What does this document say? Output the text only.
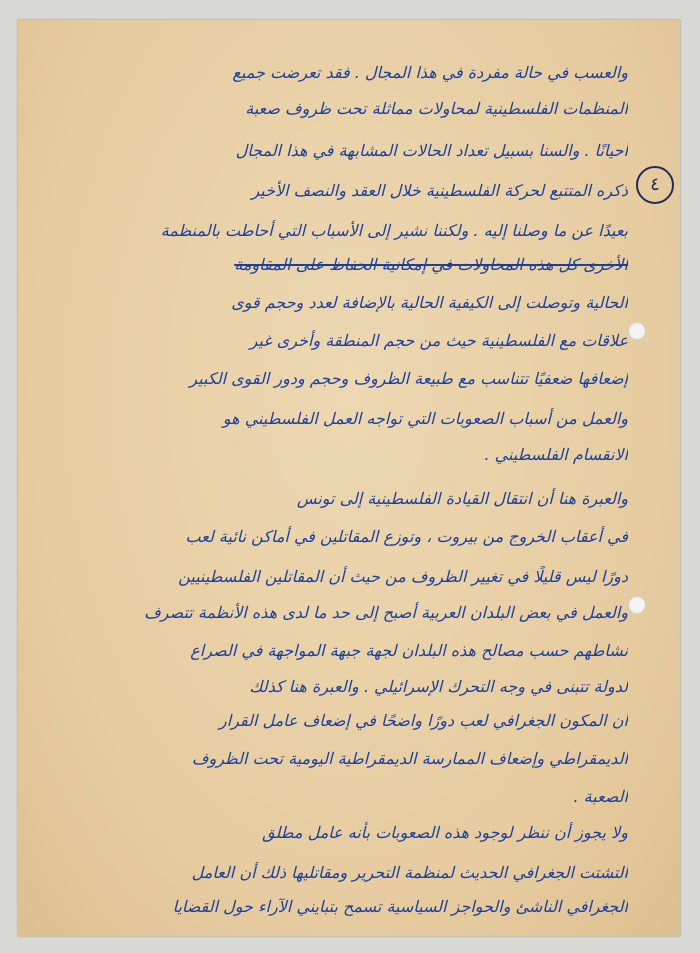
٤
والعسب في حالة مفردة في هذا المجال . فقد تعرضت جميع
المنظمات الفلسطينية لمحاولات مماثلة تحت ظروف صعبة
أحيانًا . والسنا بسبيل تعداد الحالات المشابهة في هذا المجال
ذكره المتتبع لحركة الفلسطينية خلال العقد والنصف الأخير
بعيدًا عن ما وصلنا إليه . ولكننا نشير إلى الأسباب التي أحاطت بالمنظمة
الأخرى كل هذه المحاولات في إمكانية الحفاظ على المقاومة
الحالية وتوصلت إلى الكيفية الحالية بالإضافة لعدد وحجم قوى
علاقات مع الفلسطينية حيث من حجم المنطقة وأخرى غير
إضعافها ضعفيًا تتناسب مع طبيعة الظروف وحجم ودور القوى الكبير
والعمل من أسباب الصعوبات التي تواجه العمل الفلسطيني هو
الانقسام الفلسطيني .
والعبرة هنا أن انتقال القيادة الفلسطينية إلى تونس
في أعقاب الخروج من بيروت ، وتوزع المقاتلين في أماكن نائية لعب
دورًا ليس قليلًا في تغيير الظروف من حيث أن المقاتلين الفلسطينيين
والعمل في بعض البلدان العربية أصبح إلى حد ما لدى هذه الأنظمة تتصرف
نشاطهم حسب مصالح هذه البلدان لجهة جبهة المواجهة في الصراع
لدولة تتبنى في وجه التحرك الإسرائيلي . والعبرة هنا كذلك
أن المكون الجغرافي لعب دورًا واضحًا في إضعاف عامل القرار
الديمقراطي وإضعاف الممارسة الديمقراطية اليومية تحت الظروف
الصعبة .
ولا يجوز أن ننظر لوجود هذه الصعوبات بأنه عامل مطلق
التشتت الجغرافي الحديث لمنظمة التحرير ومقاتليها ذلك أن العامل
الجغرافي الناشئ والحواجز السياسية تسمح بتبايني الآراء حول القضايا
